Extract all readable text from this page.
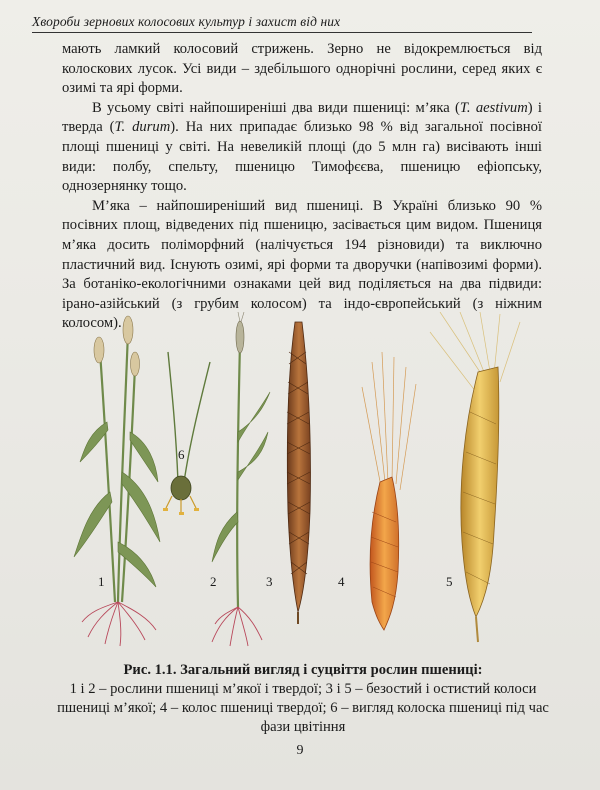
Хвороби зернових колосових культур і захист від них

мають ламкий колосовий стрижень. Зерно не відокремлюється від колоскових лусок. Усі види – здебільшого однорічні рослини, серед яких є озимі та ярі форми.

В усьому світі найпоширеніші два види пшениці: м’яка (T. aestivum) і тверда (T. durum). На них припадає близько 98 % від загальної посівної площі пшениці у світі. На невеликій площі (до 5 млн га) висівають інші види: полбу, спельту, пшеницю Тимофєєва, пшеницю ефіопську, однозернянку тощо.

М’яка – найпоширеніший вид пшениці. В Україні близько 90 % посівних площ, відведених під пшеницю, засівається цим видом. Пшениця м’яка досить поліморфний (налічується 194 різновиди) та виключно пластичний вид. Існують озимі, ярі форми та дворучки (напівозимі форми). За ботаніко-екологічними ознаками цей вид поділяється на два підвиди: ірано-азійський (з грубим колосом) та індо-європейський (з ніжним колосом).

1	2	3	4	5
6
Рис. 1.1. Загальний вигляд і суцвіття рослин пшениці:
1 і 2 – рослини пшениці м’якої і твердої; 3 і 5 – безостий і остистий колоси пшениці м’якої; 4 – колос пшениці твердої; 6 – вигляд колоска пшениці під час фази цвітіння
9
